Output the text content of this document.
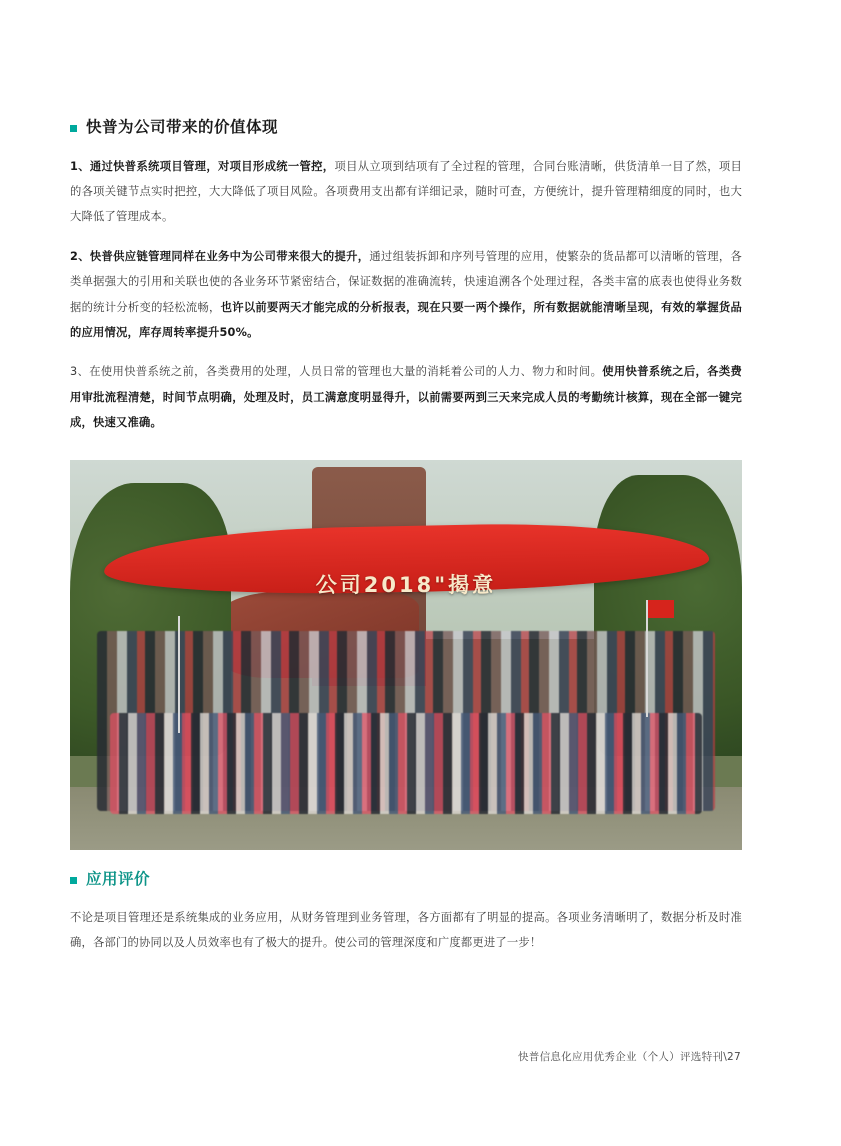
快普为公司带来的价值体现

1、通过快普系统项目管理，对项目形成统一管控，项目从立项到结项有了全过程的管理，合同台账清晰，供货清单一目了然，项目的各项关键节点实时把控，大大降低了项目风险。各项费用支出都有详细记录，随时可查，方便统计，提升管理精细度的同时，也大大降低了管理成本。

2、快普供应链管理同样在业务中为公司带来很大的提升，通过组装拆卸和序列号管理的应用，使繁杂的货品都可以清晰的管理，各类单据强大的引用和关联也使的各业务环节紧密结合，保证数据的准确流转，快速追溯各个处理过程，各类丰富的底表也使得业务数据的统计分析变的轻松流畅，也许以前要两天才能完成的分析报表，现在只要一两个操作，所有数据就能清晰呈现，有效的掌握货品的应用情况，库存周转率提升50%。

3、在使用快普系统之前，各类费用的处理，人员日常的管理也大量的消耗着公司的人力、物力和时间。使用快普系统之后，各类费用审批流程清楚，时间节点明确，处理及时，员工满意度明显得升，以前需要两到三天来完成人员的考勤统计核算，现在全部一键完成，快速又准确。

公司2018"揭意
应用评价

不论是项目管理还是系统集成的业务应用，从财务管理到业务管理，各方面都有了明显的提高。各项业务清晰明了，数据分析及时准确，各部门的协同以及人员效率也有了极大的提升。使公司的管理深度和广度都更进了一步！

快普信息化应用优秀企业（个人）评选特刊\27
